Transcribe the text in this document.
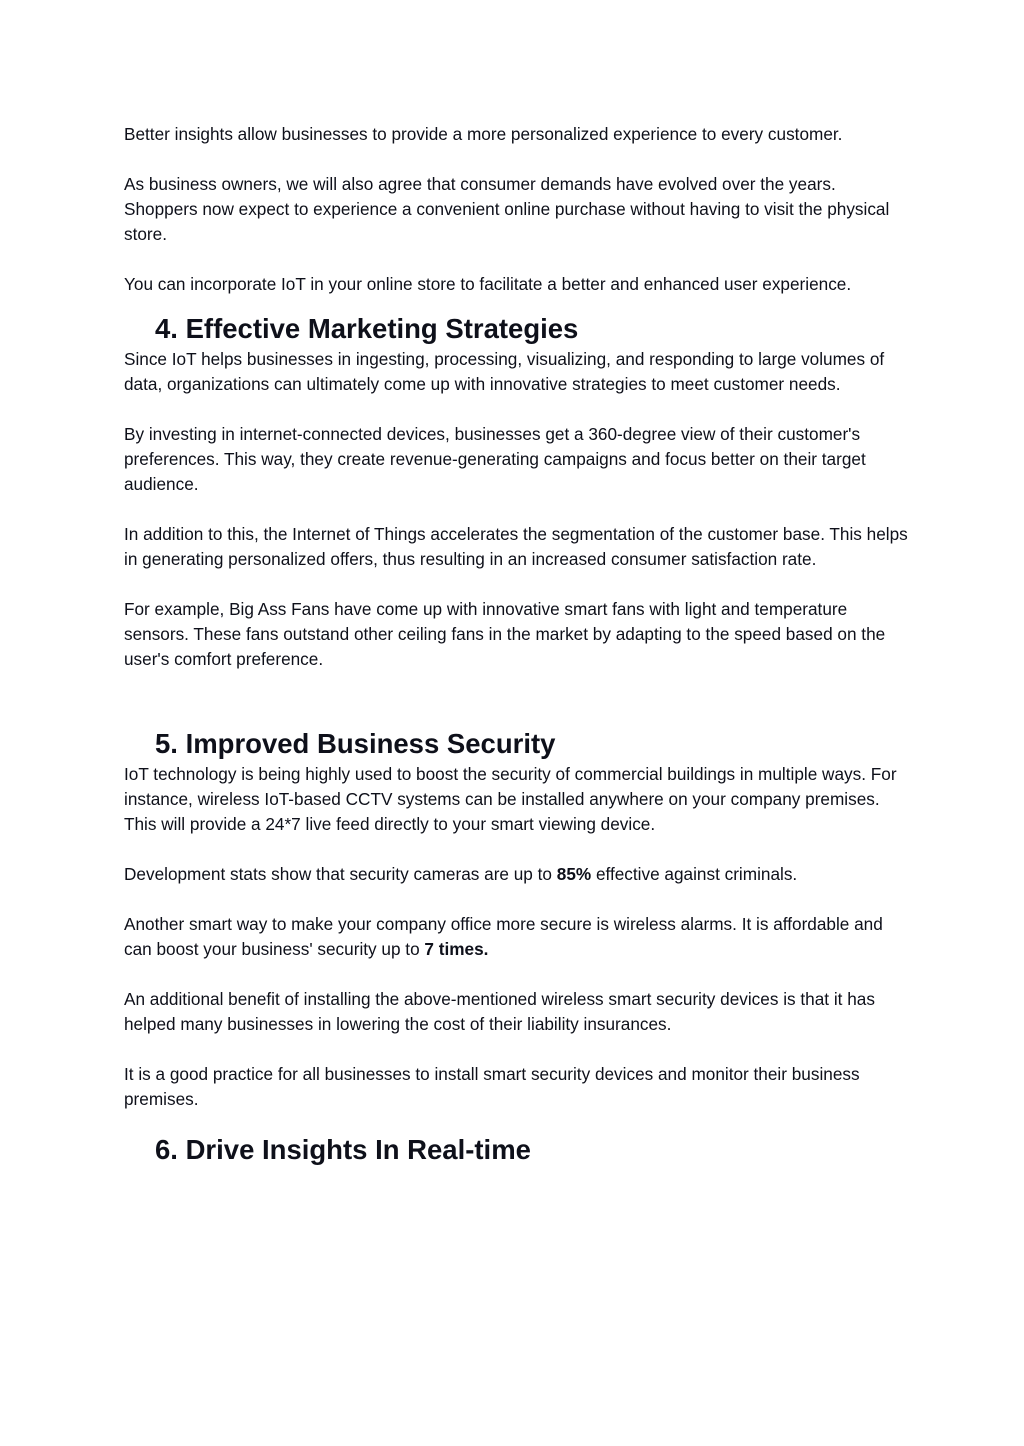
Better insights allow businesses to provide a more personalized experience to every customer.

As business owners, we will also agree that consumer demands have evolved over the years. Shoppers now expect to experience a convenient online purchase without having to visit the physical store.

You can incorporate IoT in your online store to facilitate a better and enhanced user experience.

4. Effective Marketing Strategies

Since IoT helps businesses in ingesting, processing, visualizing, and responding to large volumes of data, organizations can ultimately come up with innovative strategies to meet customer needs.

By investing in internet-connected devices, businesses get a 360-degree view of their customer's preferences. This way, they create revenue-generating campaigns and focus better on their target audience.

In addition to this, the Internet of Things accelerates the segmentation of the customer base. This helps in generating personalized offers, thus resulting in an increased consumer satisfaction rate.

For example, Big Ass Fans have come up with innovative smart fans with light and temperature sensors. These fans outstand other ceiling fans in the market by adapting to the speed based on the user's comfort preference.

5. Improved Business Security

IoT technology is being highly used to boost the security of commercial buildings in multiple ways. For instance, wireless IoT-based CCTV systems can be installed anywhere on your company premises. This will provide a 24*7 live feed directly to your smart viewing device.

Development stats show that security cameras are up to 85% effective against criminals.

Another smart way to make your company office more secure is wireless alarms. It is affordable and can boost your business' security up to 7 times.

An additional benefit of installing the above-mentioned wireless smart security devices is that it has helped many businesses in lowering the cost of their liability insurances.

It is a good practice for all businesses to install smart security devices and monitor their business premises.

6. Drive Insights In Real-time
